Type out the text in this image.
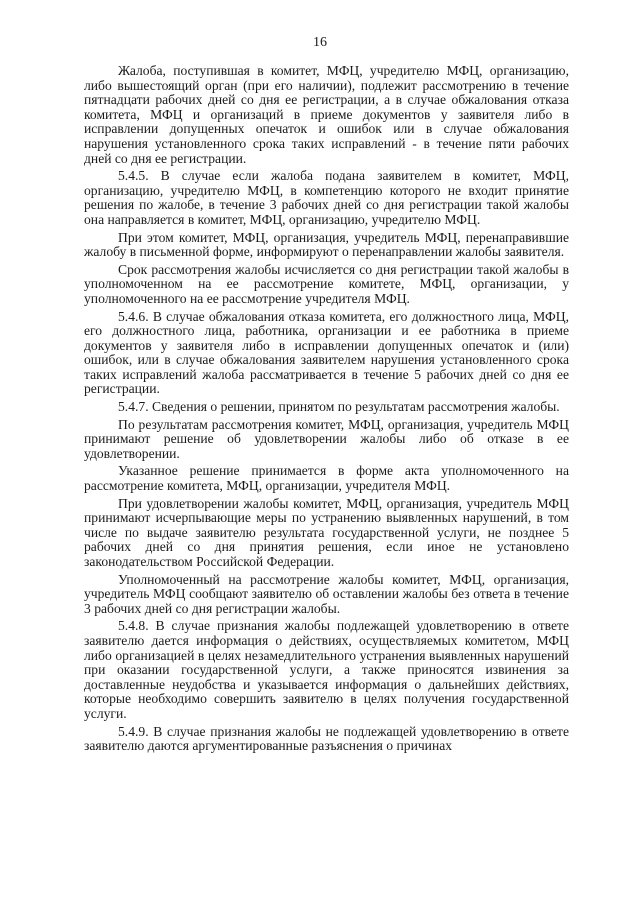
16

Жалоба, поступившая в комитет, МФЦ, учредителю МФЦ, организацию, либо вышестоящий орган (при его наличии), подлежит рассмотрению в течение пятнадцати рабочих дней со дня ее регистрации, а в случае обжалования отказа комитета, МФЦ и организаций в приеме документов у заявителя либо в исправлении допущенных опечаток и ошибок или в случае обжалования нарушения установленного срока таких исправлений - в течение пяти рабочих дней со дня ее регистрации.

5.4.5. В случае если жалоба подана заявителем в комитет, МФЦ, организацию, учредителю МФЦ, в компетенцию которого не входит принятие решения по жалобе, в течение 3 рабочих дней со дня регистрации такой жалобы она направляется в комитет, МФЦ, организацию, учредителю МФЦ.

При этом комитет, МФЦ, организация, учредитель МФЦ, перенаправившие жалобу в письменной форме, информируют о перенаправлении жалобы заявителя.

Срок рассмотрения жалобы исчисляется со дня регистрации такой жалобы в уполномоченном на ее рассмотрение комитете, МФЦ, организации, у уполномоченного на ее рассмотрение учредителя МФЦ.

5.4.6. В случае обжалования отказа комитета, его должностного лица, МФЦ, его должностного лица, работника, организации и ее работника в приеме документов у заявителя либо в исправлении допущенных опечаток и (или) ошибок, или в случае обжалования заявителем нарушения установленного срока таких исправлений жалоба рассматривается в течение 5 рабочих дней со дня ее регистрации.

5.4.7. Сведения о решении, принятом по результатам рассмотрения жалобы.

По результатам рассмотрения комитет, МФЦ, организация, учредитель МФЦ принимают решение об удовлетворении жалобы либо об отказе в ее удовлетворении.

Указанное решение принимается в форме акта уполномоченного на рассмотрение комитета, МФЦ, организации, учредителя МФЦ.

При удовлетворении жалобы комитет, МФЦ, организация, учредитель МФЦ принимают исчерпывающие меры по устранению выявленных нарушений, в том числе по выдаче заявителю результата государственной услуги, не позднее 5 рабочих дней со дня принятия решения, если иное не установлено законодательством Российской Федерации.

Уполномоченный на рассмотрение жалобы комитет, МФЦ, организация, учредитель МФЦ сообщают заявителю об оставлении жалобы без ответа в течение 3 рабочих дней со дня регистрации жалобы.

5.4.8. В случае признания жалобы подлежащей удовлетворению в ответе заявителю дается информация о действиях, осуществляемых комитетом, МФЦ либо организацией в целях незамедлительного устранения выявленных нарушений при оказании государственной услуги, а также приносятся извинения за доставленные неудобства и указывается информация о дальнейших действиях, которые необходимо совершить заявителю в целях получения государственной услуги.

5.4.9. В случае признания жалобы не подлежащей удовлетворению в ответе заявителю даются аргументированные разъяснения о причинах
